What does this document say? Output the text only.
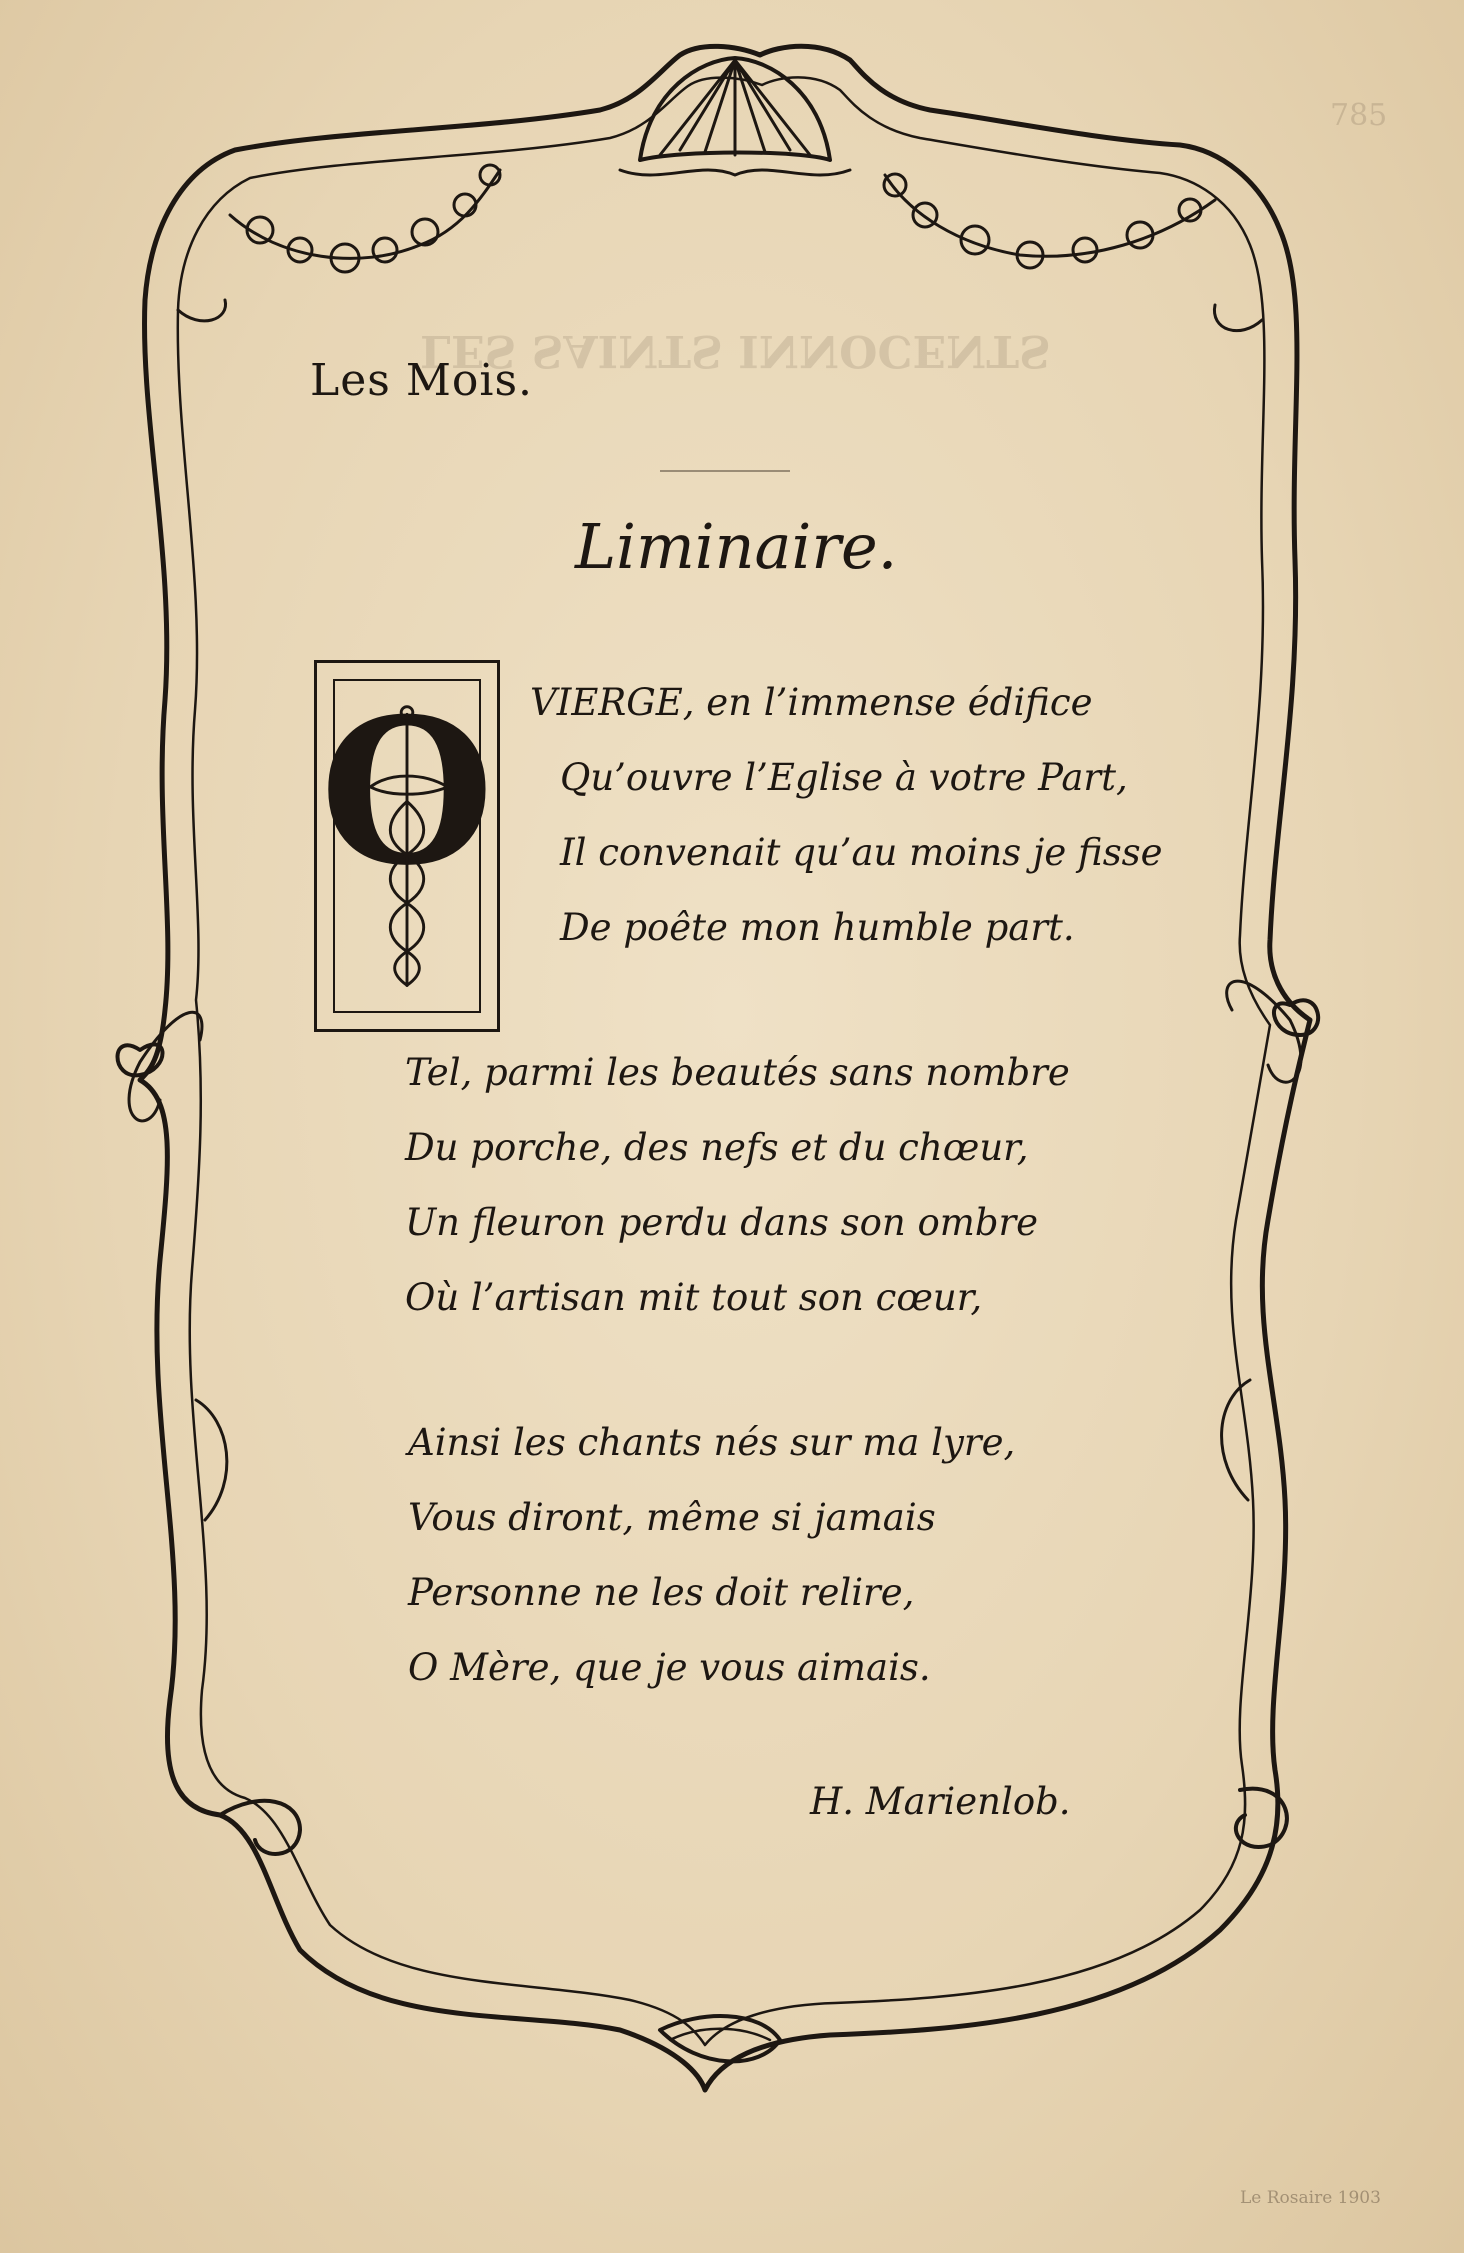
785
LES SAINTS INNOCENTS
Les Mois.
Liminaire.
O VIERGE, en l’immense édifice
Qu’ouvre l’Eglise à votre Part,
Il convenait qu’au moins je fisse
De poête mon humble part.
Tel, parmi les beautés sans nombre
Du porche, des nefs et du chœur,
Un fleuron perdu dans son ombre
Où l’artisan mit tout son cœur,
Ainsi les chants nés sur ma lyre,
Vous diront, même si jamais
Personne ne les doit relire,
O Mère, que je vous aimais.
H. Marienlob.
Le Rosaire 1903
